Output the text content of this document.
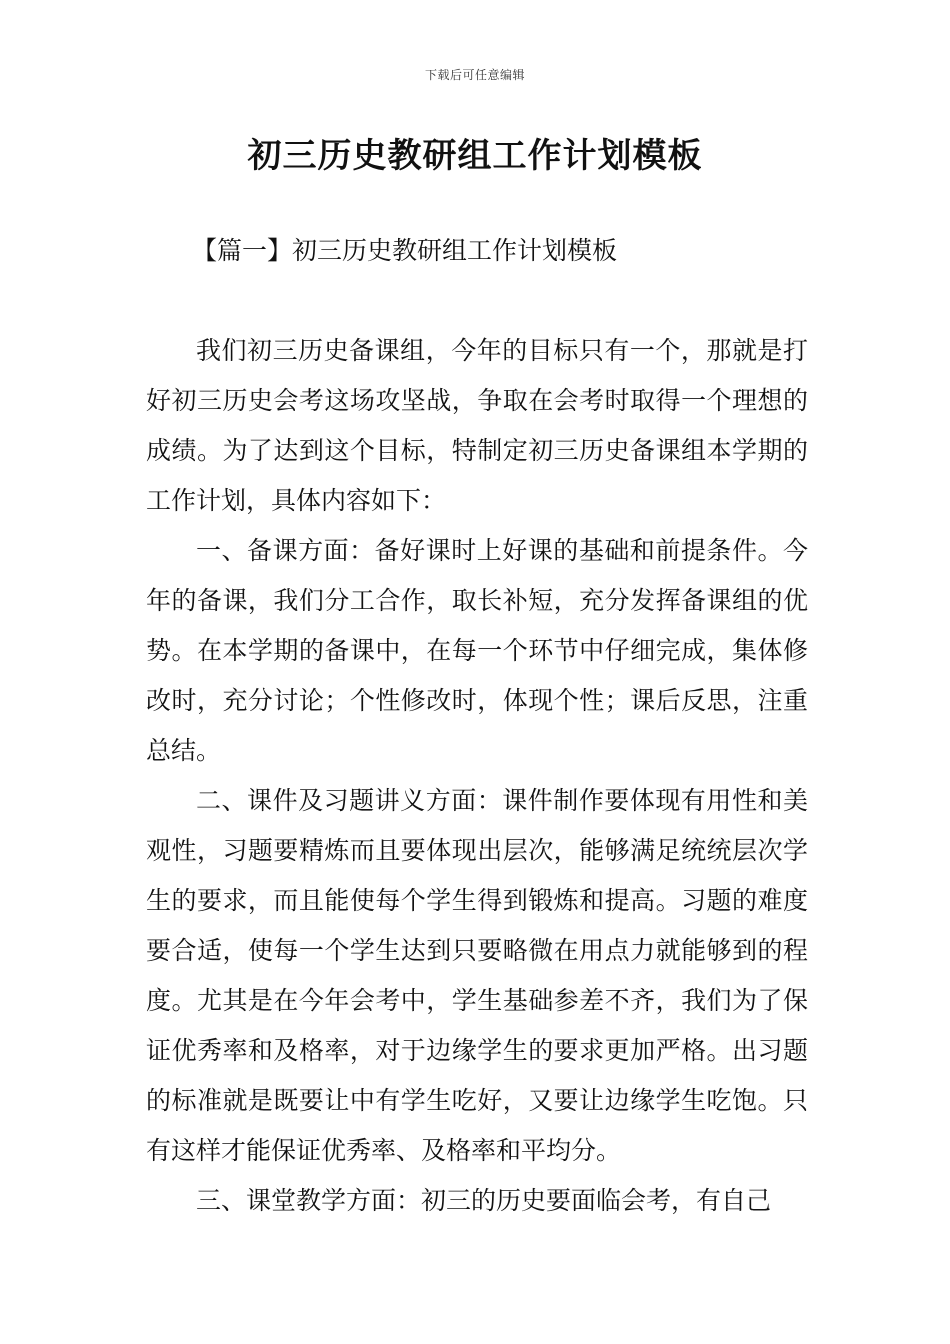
下载后可任意编辑
初三历史教研组工作计划模板
【篇一】初三历史教研组工作计划模板

我们初三历史备课组，今年的目标只有一个，那就是打好初三历史会考这场攻坚战，争取在会考时取得一个理想的成绩。为了达到这个目标，特制定初三历史备课组本学期的工作计划，具体内容如下：

一、备课方面：备好课时上好课的基础和前提条件。今年的备课，我们分工合作，取长补短，充分发挥备课组的优势。在本学期的备课中，在每一个环节中仔细完成，集体修改时，充分讨论；个性修改时，体现个性；课后反思，注重总结。

二、课件及习题讲义方面：课件制作要体现有用性和美观性，习题要精炼而且要体现出层次，能够满足统统层次学生的要求，而且能使每个学生得到锻炼和提高。习题的难度要合适，使每一个学生达到只要略微在用点力就能够到的程度。尤其是在今年会考中，学生基础参差不齐，我们为了保证优秀率和及格率，对于边缘学生的要求更加严格。出习题的标准就是既要让中有学生吃好，又要让边缘学生吃饱。只有这样才能保证优秀率、及格率和平均分。

三、课堂教学方面：初三的历史要面临会考，有自己
